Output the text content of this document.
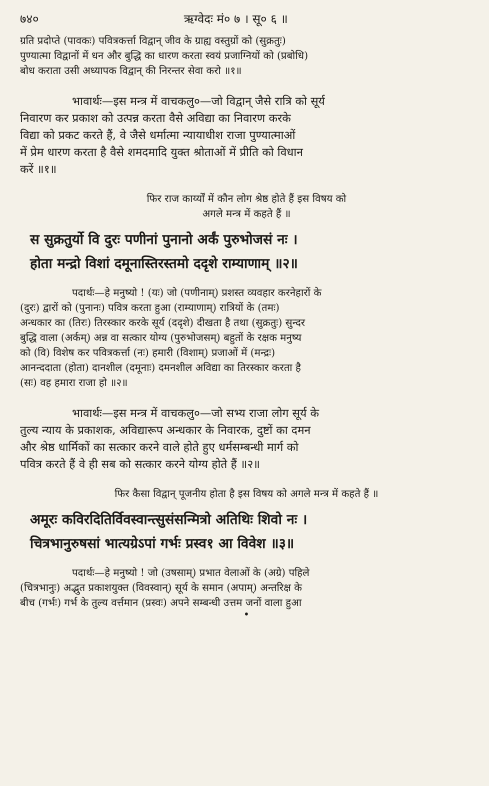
७४०	ऋग्वेदः मं० ७ । सू० ६ ॥

ग्रति प्रदोप्ते (पावकः) पवित्रकर्त्ता विद्वान् जीव के ग्राह्य वस्तुग्रों को (सुक्रतुः)

पुण्यात्मा विद्वानों में धन और बुद्धि का धारण करता स्वयं प्रजाग्नियों को (प्रबोधि)

बोध कराता उसी अध्यापक विद्वान् की निरन्तर सेवा करो ॥१॥

भावार्थः—इस मन्त्र में वाचकलु०—जो विद्वान् जैसे रात्रि को सूर्य

निवारण कर प्रकाश को उत्पन्न करता वैसे अविद्या का निवारण करके

विद्या को प्रकट करते हैं, वे जैसे धर्मात्मा न्यायाधीश राजा पुण्यात्माओं

में प्रेम धारण करता है वैसे शमदमादि युक्त श्रोताओं में प्रीति को विधान

करें ॥१॥

फिर राज कार्य्यों में कौन लोग श्रेष्ठ होते हैं इस विषय को

अगले मन्त्र में कहते हैं ॥

स सुक्रतुर्यो वि दुरः पणीनां पुनानो अर्कं पुरुभोजसं नः ।

होता मन्द्रो विशां दमूनास्तिरस्तमो ददृशे राम्याणाम् ॥२॥

पदार्थः—हे मनुष्यो ! (यः) जो (पणीनाम्) प्रशस्त व्यवहार करनेहारों के

(दुरः) द्वारों को (पुनानः) पवित्र करता हुआ (राम्याणाम्) रात्रियों के (तमः)

अन्धकार का (तिरः) तिरस्कार करके सूर्य (ददृशे) दीखता है तथा (सुक्रतुः) सुन्दर

बुद्धि वाला (अर्कम्) अन्न वा सत्कार योग्य (पुरुभोजसम्) बहुतों के रक्षक मनुष्य

को (वि) विशेष कर पवित्रकर्त्ता (नः) हमारी (विशाम्) प्रजाओं में (मन्द्रः)

आनन्ददाता (होता) दानशील (दमूनाः) दमनशील अविद्या का तिरस्कार करता है

(सः) वह हमारा राजा हो ॥२॥

भावार्थः—इस मन्त्र में वाचकलु०—जो सभ्य राजा लोग सूर्य के

तुल्य न्याय के प्रकाशक, अविद्यारूप अन्धकार के निवारक, दुष्टों का दमन

और श्रेष्ठ धार्मिकों का सत्कार करने वाले होते हुए धर्मसम्बन्धी मार्ग को

पवित्र करते हैं वे ही सब को सत्कार करने योग्य होते हैं ॥२॥

फिर कैसा विद्वान् पूजनीय होता है इस विषय को अगले मन्त्र में कहते हैं ॥

अमूरः कविरदितिर्विवस्वान्त्सुसंसन्मित्रो अतिथिः शिवो नः ।

चित्रभानुरुषसां भात्यग्रेऽपां गर्भः प्रस्व१ आ विवेश ॥३॥

पदार्थः—हे मनुष्यो ! जो (उषसाम्) प्रभात वेलाओं के (अग्रे) पहिले

(चित्रभानुः) अद्भुत प्रकाशयुक्त (विवस्वान्) सूर्य के समान (अपाम्) अन्तरिक्ष के

बीच (गर्भः) गर्भ के तुल्य वर्त्तमान (प्रस्वः) अपने सम्बन्धी उत्तम जनों वाला हुआ

•
